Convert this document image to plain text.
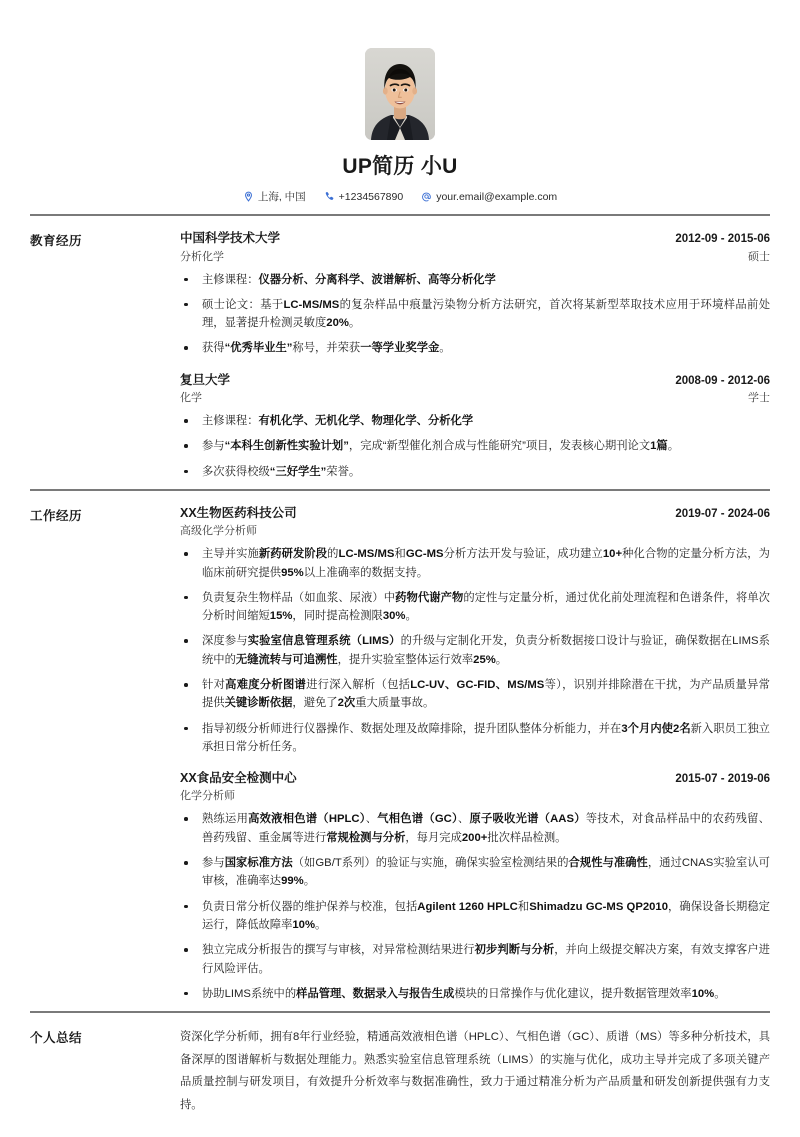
UP简历 小U
上海, 中国	+1234567890	your.email@example.com
教育经历	中国科学技术大学	2012-09 - 2015-06
分析化学	硕士
主修课程：仪器分析、分离科学、波谱解析、高等分析化学
硕士论文：基于LC-MS/MS的复杂样品中痕量污染物分析方法研究，首次将某新型萃取技术应用于环境样品前处理，显著提升检测灵敏度20%。
获得“优秀毕业生”称号，并荣获一等学业奖学金。
复旦大学	2008-09 - 2012-06
化学	学士
主修课程：有机化学、无机化学、物理化学、分析化学
参与“本科生创新性实验计划”，完成“新型催化剂合成与性能研究”项目，发表核心期刊论文1篇。
多次获得校级“三好学生”荣誉。
工作经历	XX生物医药科技公司	2019-07 - 2024-06
高级化学分析师
主导并实施新药研发阶段的LC-MS/MS和GC-MS分析方法开发与验证，成功建立10+种化合物的定量分析方法，为临床前研究提供95%以上准确率的数据支持。
负责复杂生物样品（如血浆、尿液）中药物代谢产物的定性与定量分析，通过优化前处理流程和色谱条件，将单次分析时间缩短15%，同时提高检测限30%。
深度参与实验室信息管理系统（LIMS）的升级与定制化开发，负责分析数据接口设计与验证，确保数据在LIMS系统中的无缝流转与可追溯性，提升实验室整体运行效率25%。
针对高难度分析图谱进行深入解析（包括LC-UV、GC-FID、MS/MS等），识别并排除潜在干扰，为产品质量异常提供关键诊断依据，避免了2次重大质量事故。
指导初级分析师进行仪器操作、数据处理及故障排除，提升团队整体分析能力，并在3个月内使2名新入职员工独立承担日常分析任务。
XX食品安全检测中心	2015-07 - 2019-06
化学分析师
熟练运用高效液相色谱（HPLC）、气相色谱（GC）、原子吸收光谱（AAS）等技术，对食品样品中的农药残留、兽药残留、重金属等进行常规检测与分析，每月完成200+批次样品检测。
参与国家标准方法（如GB/T系列）的验证与实施，确保实验室检测结果的合规性与准确性，通过CNAS实验室认可审核，准确率达99%。
负责日常分析仪器的维护保养与校准，包括Agilent 1260 HPLC和Shimadzu GC-MS QP2010，确保设备长期稳定运行，降低故障率10%。
独立完成分析报告的撰写与审核，对异常检测结果进行初步判断与分析，并向上级提交解决方案，有效支撑客户进行风险评估。
协助LIMS系统中的样品管理、数据录入与报告生成模块的日常操作与优化建议，提升数据管理效率10%。
个人总结	资深化学分析师，拥有8年行业经验，精通高效液相色谱（HPLC）、气相色谱（GC）、质谱（MS）等多种分析技术，具备深厚的图谱解析与数据处理能力。熟悉实验室信息管理系统（LIMS）的实施与优化，成功主导并完成了多项关键产品质量控制与研发项目，有效提升分析效率与数据准确性，致力于通过精准分析为产品质量和研发创新提供强有力支持。
